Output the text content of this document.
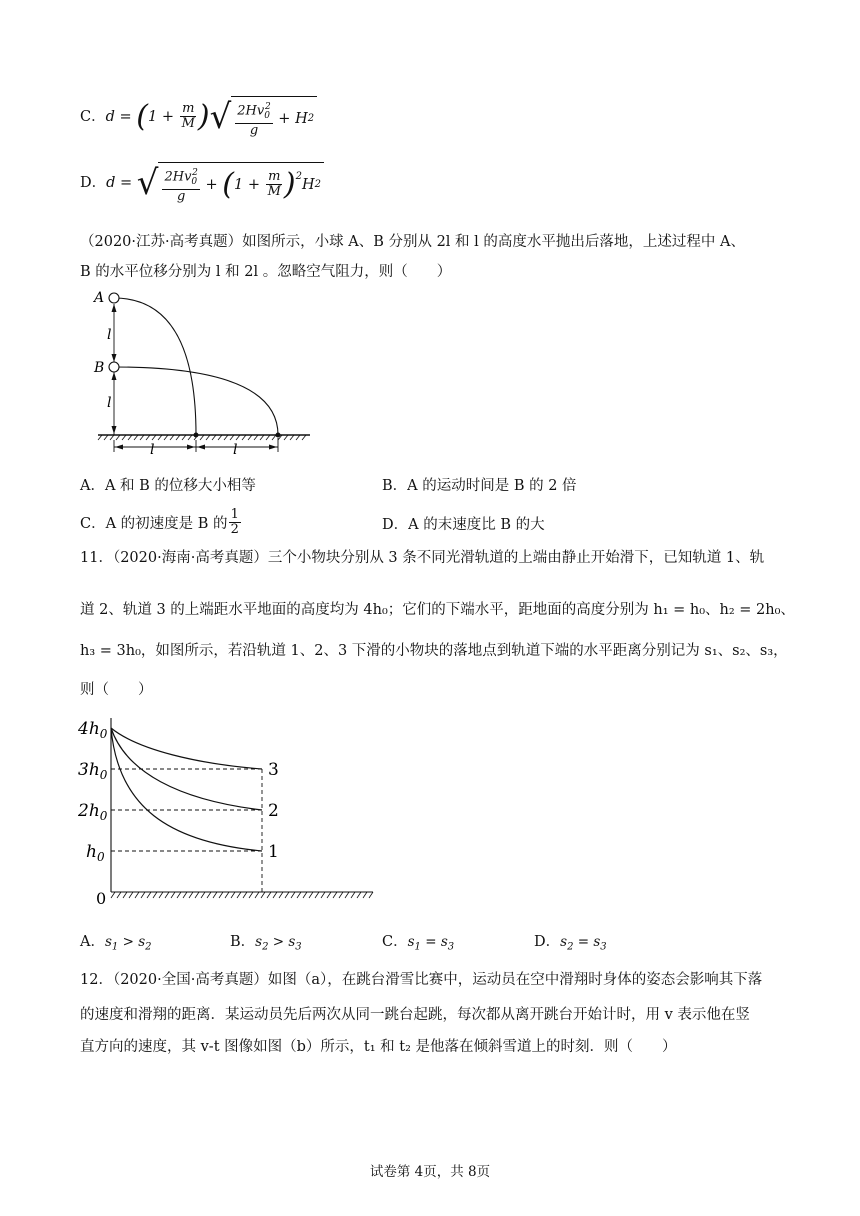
C． d = ( $1 + \frac{m}{M}$ ) √ $\frac{2Hv_0^2}{g} + H$ 2
D． d = √ $\frac{2Hv_0^2}{g}$ + ( $1 + \frac{m}{M} )^2$
$H_2$
（2020·江苏·高考真题）如图所示，小球 A、B 分别从 2l 和 l 的高度水平抛出后落地，上述过程中 A、
B 的水平位移分别为 l 和 2l 。忽略空气阻力，则（　　）
l
l
A
B
l	l
A．A 和 B 的位移大小相等	B．A 的运动时间是 B 的 2 倍
C．A 的初速度是 B 的 $\frac{1}{2}$	D．A 的末速度比 B 的大
11．（2020·海南·高考真题）三个小物块分别从 3 条不同光滑轨道的上端由静止开始滑下，已知轨道 1、轨
道 2、轨道 3 的上端距水平地面的高度均为 4h₀；它们的下端水平，距地面的高度分别为 h₁ = h₀、h₂ = 2h₀、
h₃ = 3h₀，如图所示，若沿轨道 1、2、3 下滑的小物块的落地点到轨道下端的水平距离分别记为 s₁、s₂、s₃，
则（　　）
$4h_0$
$3h_0$
$2h_0$
$h_0$
0
3
2
1
A．$s_1 > s_2$	B．$s_2 > s_3$	C．$s_1 = s_3$	D．$s_2 = s_3$
12．（2020·全国·高考真题）如图（a），在跳台滑雪比赛中，运动员在空中滑翔时身体的姿态会影响其下落
的速度和滑翔的距离．某运动员先后两次从同一跳台起跳，每次都从离开跳台开始计时，用 v 表示他在竖
直方向的速度，其 v-t 图像如图（b）所示，t₁ 和 t₂ 是他落在倾斜雪道上的时刻．则（　　）
试卷第 4页，共 8页
